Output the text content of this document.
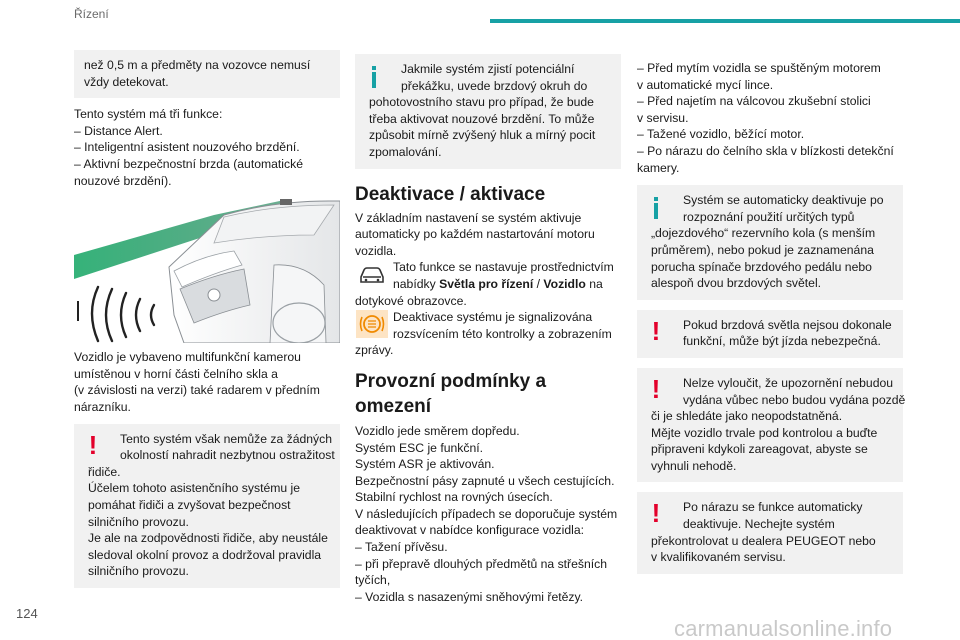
Řízení
než 0,5 m a předměty na vozovce nemusí
vždy detekovat.
Tento systém má tři funkce:
– Distance Alert.
– Inteligentní asistent nouzového brzdění.
– Aktivní bezpečnostní brzda (automatické
nouzové brzdění).
Vozidlo je vybaveno multifunkční kamerou
umístěnou v horní části čelního skla a
(v závislosti na verzi) také radarem v předním
nárazníku.
!	Tento systém však nemůže za žádných
okolností nahradit nezbytnou ostražitost
řidiče.
Účelem tohoto asistenčního systému je
pomáhat řidiči a zvyšovat bezpečnost
silničního provozu.
Je ale na zodpovědnosti řidiče, aby neustále
sledoval okolní provoz a dodržoval pravidla
silničního provozu.
Jakmile systém zjistí potenciální
překážku, uvede brzdový okruh do
pohotovostního stavu pro případ, že bude
třeba aktivovat nouzové brzdění. To může
způsobit mírně zvýšený hluk a mírný pocit
zpomalování.
Deaktivace / aktivace
V základním nastavení se systém aktivuje
automaticky po každém nastartování motoru
vozidla.
Tato funkce se nastavuje prostřednictvím
nabídky Světla pro řízení / Vozidlo na
dotykové obrazovce.
Deaktivace systému je signalizována
rozsvícením této kontrolky a zobrazením
zprávy.
Provozní podmínky a
omezení
Vozidlo jede směrem dopředu.
Systém ESC je funkční.
Systém ASR je aktivován.
Bezpečnostní pásy zapnuté u všech cestujících.
Stabilní rychlost na rovných úsecích.
V následujících případech se doporučuje systém
deaktivovat v nabídce konfigurace vozidla:
– Tažení přívěsu.
– při přepravě dlouhých předmětů na střešních
tyčích,
– Vozidla s nasazenými sněhovými řetězy.
– Před mytím vozidla se spuštěným motorem
v automatické mycí lince.
– Před najetím na válcovou zkušební stolici
v servisu.
– Tažené vozidlo, běžící motor.
– Po nárazu do čelního skla v blízkosti detekční
kamery.
Systém se automaticky deaktivuje po
rozpoznání použití určitých typů
„dojezdového“ rezervního kola (s menším
průměrem), nebo pokud je zaznamenána
porucha spínače brzdového pedálu nebo
alespoň dvou brzdových světel.
!	Pokud brzdová světla nejsou dokonale
funkční, může být jízda nebezpečná.
!	Nelze vyloučit, že upozornění nebudou
vydána vůbec nebo budou vydána pozdě
či je shledáte jako neopodstatněná.
Mějte vozidlo trvale pod kontrolou a buďte
připraveni kdykoli zareagovat, abyste se
vyhnuli nehodě.
!	Po nárazu se funkce automaticky
deaktivuje. Nechejte systém
překontrolovat u dealera PEUGEOT nebo
v kvalifikovaném servisu.
124
carmanualsonline.info
